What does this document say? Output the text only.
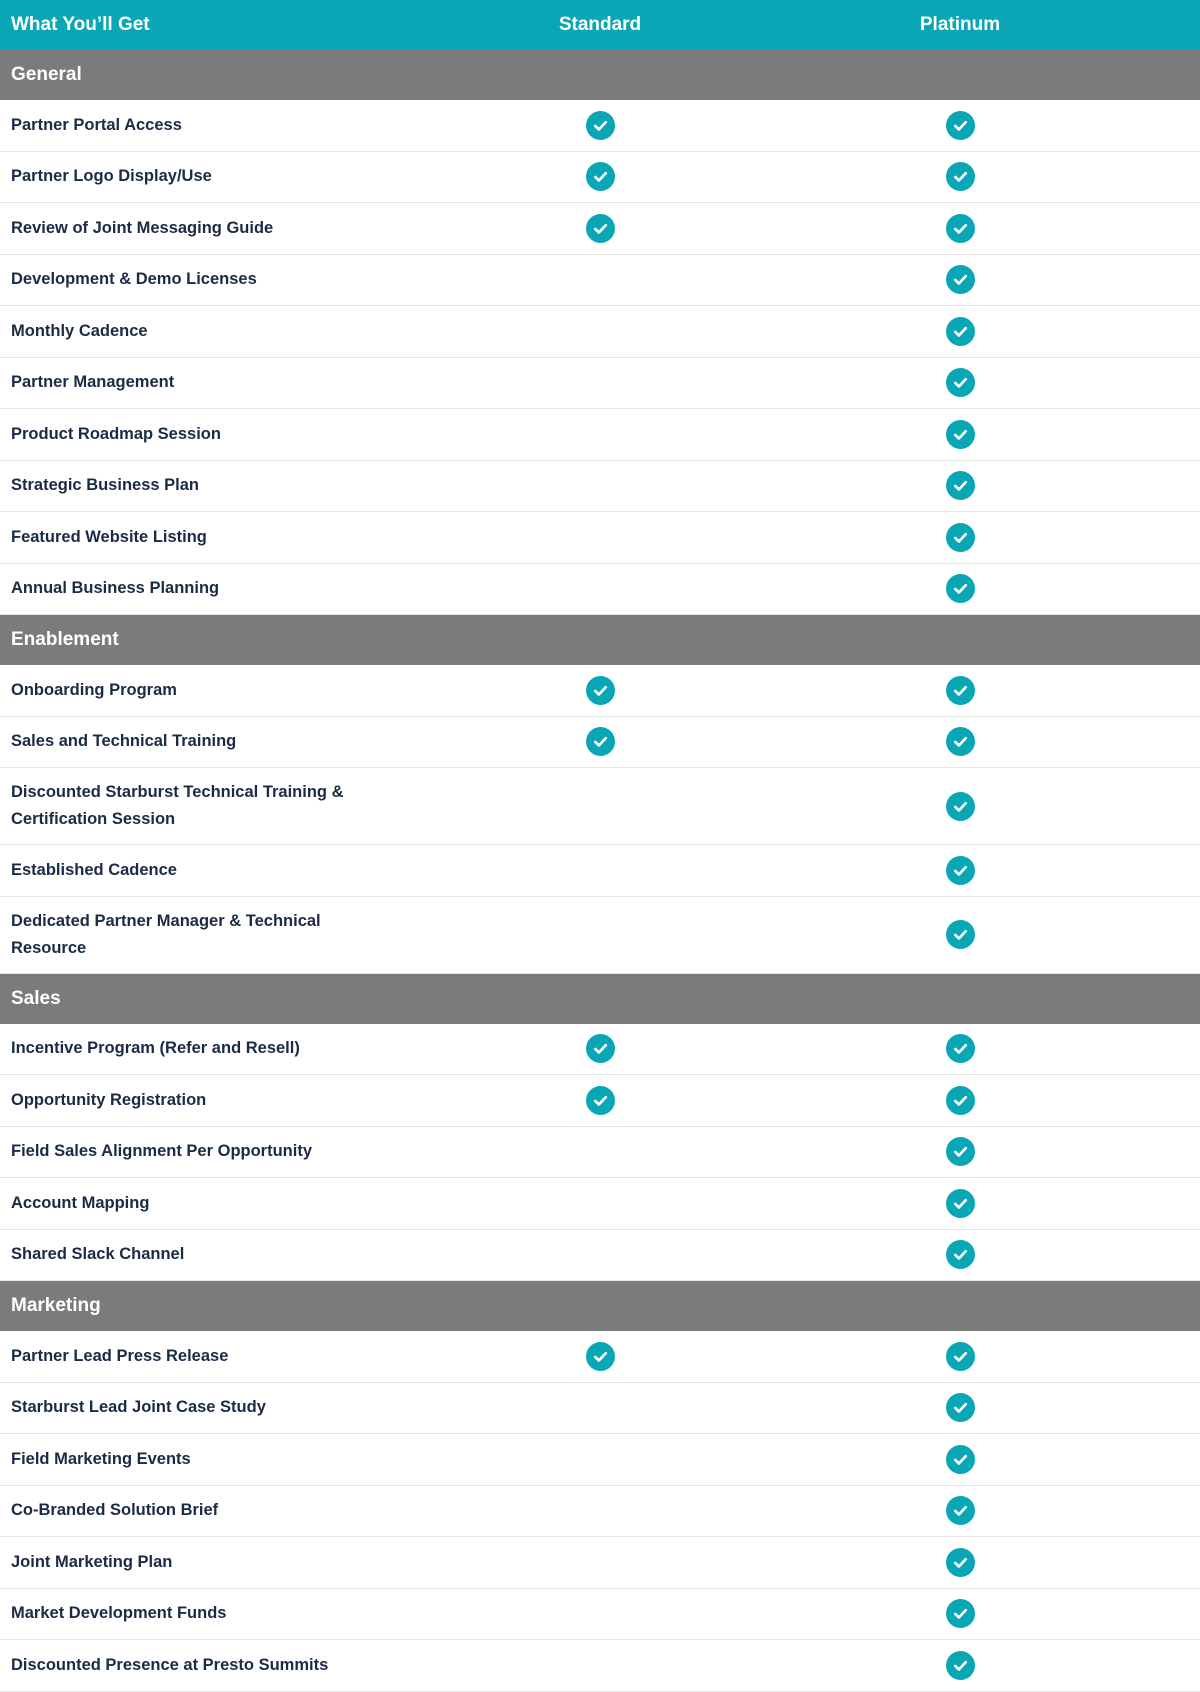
What You’ll Get	Standard	Platinum
General
Partner Portal Access
Partner Logo Display/Use
Review of Joint Messaging Guide
Development & Demo Licenses
Monthly Cadence
Partner Management
Product Roadmap Session
Strategic Business Plan
Featured Website Listing
Annual Business Planning
Enablement
Onboarding Program
Sales and Technical Training
Discounted Starburst Technical Training & Certification Session
Established Cadence
Dedicated Partner Manager & Technical Resource
Sales
Incentive Program (Refer and Resell)
Opportunity Registration
Field Sales Alignment Per Opportunity
Account Mapping
Shared Slack Channel
Marketing
Partner Lead Press Release
Starburst Lead Joint Case Study
Field Marketing Events
Co-Branded Solution Brief
Joint Marketing Plan
Market Development Funds
Discounted Presence at Presto Summits
